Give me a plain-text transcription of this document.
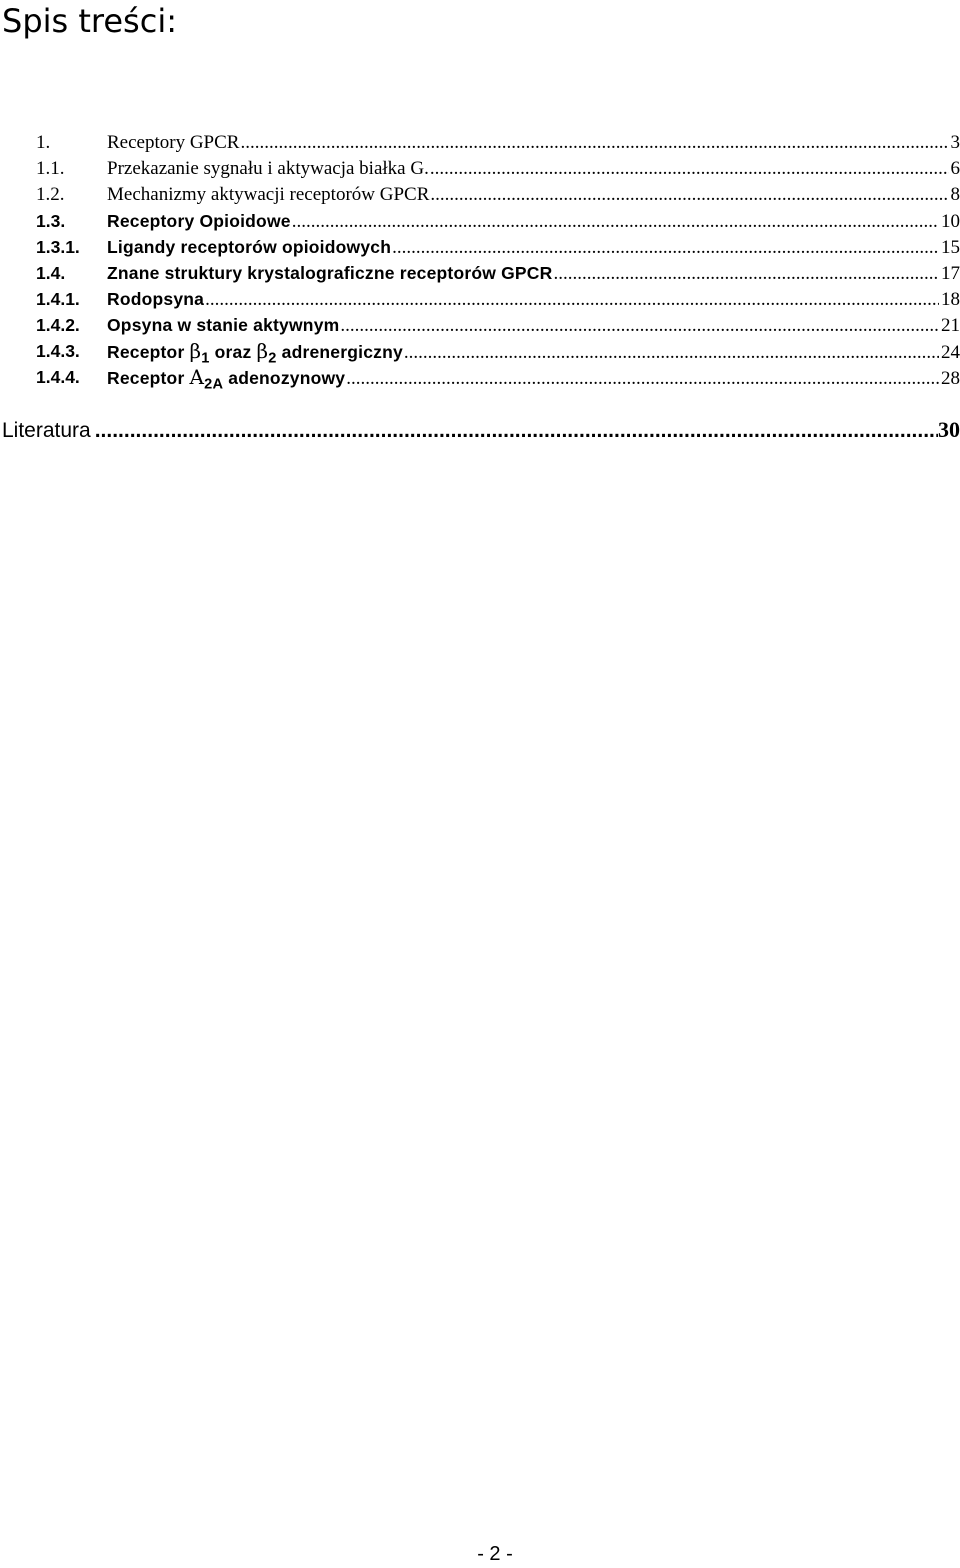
Spis treści:
1.	Receptory GPCR .....	3
1.1. Przekazanie sygnału i aktywacja białka G. .....	6
1.2. Mechanizmy aktywacji receptorów GPCR .....	8
1.3. Receptory Opioidowe .....	10
1.3.1. Ligandy receptorów opioidowych .....	15
1.4. Znane struktury krystalograficzne receptorów GPCR .....	17
1.4.1. Rodopsyna .....	18
1.4.2. Opsyna w stanie aktywnym .....	21
1.4.3. Receptor $\beta_1$ oraz $\beta_2$ adrenergiczny .....	24
1.4.4. Receptor $A_{2A}$ adenozynowy .....	28
Literatura .....	30
- 2 -
